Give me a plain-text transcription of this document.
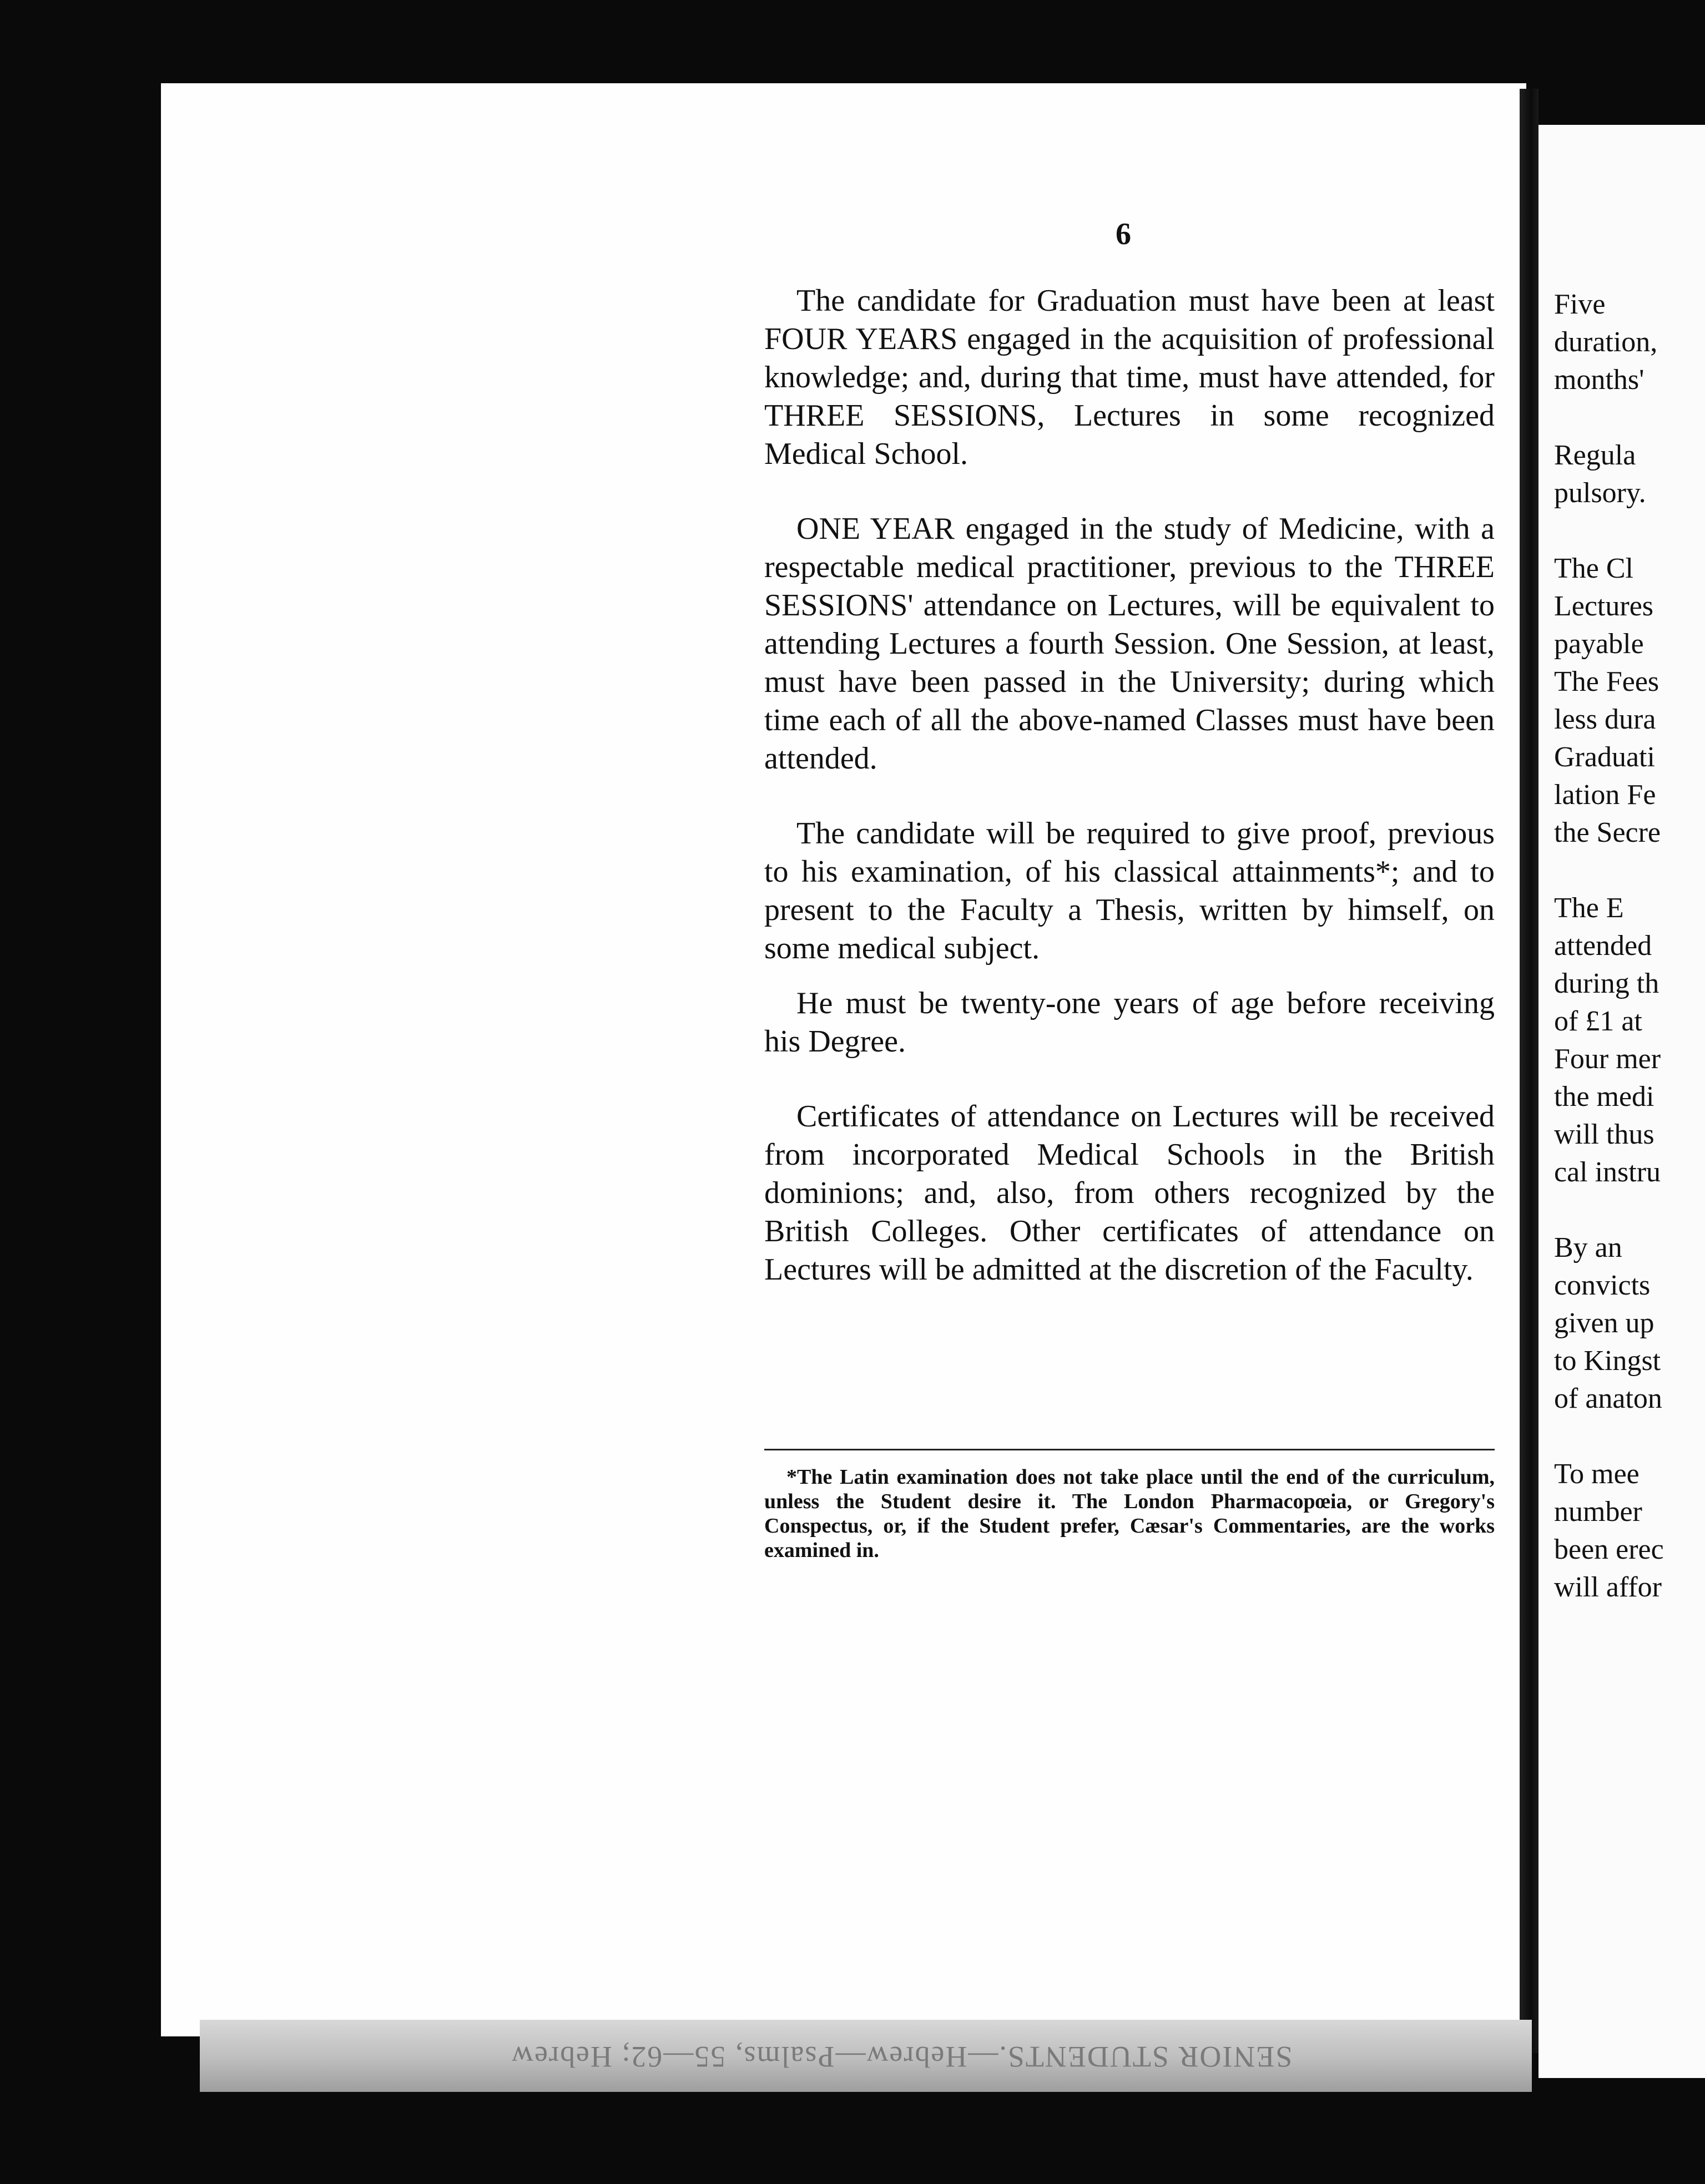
SENIOR STUDENTS.—Hebrew—Psalms, 55—62; Hebrew
Five
duration,
months'
Regula
pulsory.
The Cl
Lectures
payable
The Fees
less dura
Graduati
lation Fe
the Secre
The E
attended
during th
of £1 at
Four mer
the medi
will thus
cal instru
By an
convicts
given up
to Kingst
of anaton
To mee
number
been erec
will affor
6

The candidate for Graduation must have been at least FOUR YEARS engaged in the acquisition of professional knowledge; and, during that time, must have attended, for THREE SESSIONS, Lectures in some recognized Medical School.

ONE YEAR engaged in the study of Medicine, with a respectable medical practitioner, previous to the THREE SESSIONS' attendance on Lectures, will be equivalent to attending Lectures a fourth Session. One Session, at least, must have been passed in the University; during which time each of all the above-named Classes must have been attended.

The candidate will be required to give proof, previous to his examination, of his classical attainments*; and to present to the Faculty a Thesis, written by himself, on some medical subject.

He must be twenty-one years of age before receiving his Degree.

Certificates of attendance on Lectures will be received from incorporated Medical Schools in the British dominions; and, also, from others recognized by the British Colleges. Other certificates of attendance on Lectures will be admitted at the discretion of the Faculty.

*The Latin examination does not take place until the end of the curriculum, unless the Student desire it. The London Pharmacopœia, or Gregory's Conspectus, or, if the Student prefer, Cæsar's Commentaries, are the works examined in.
